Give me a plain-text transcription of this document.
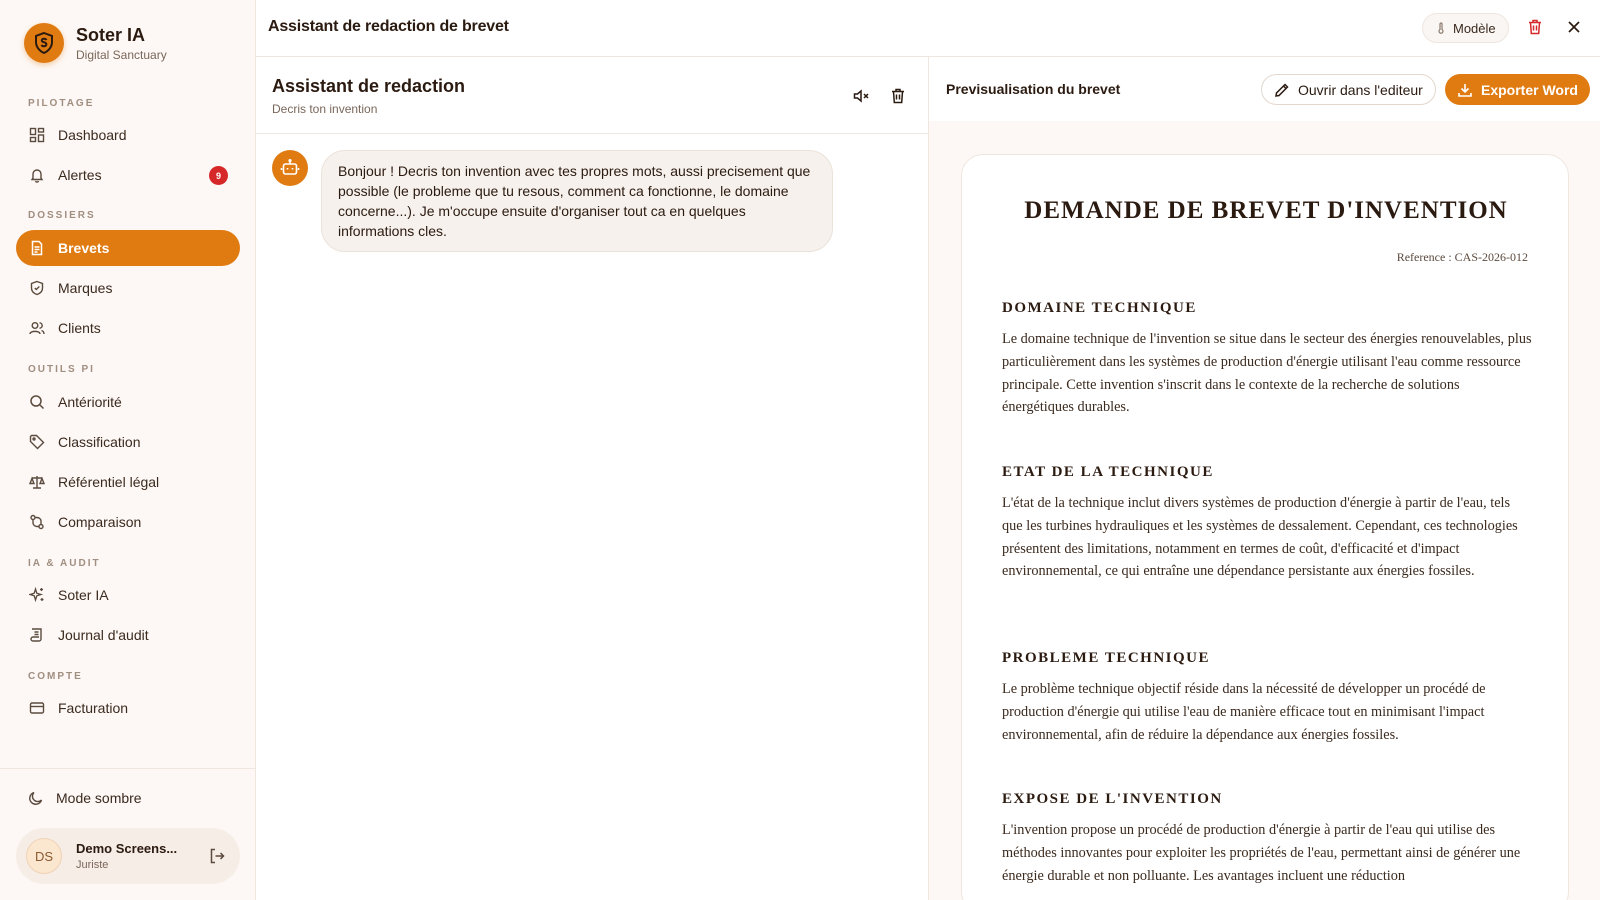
Soter IA
Digital Sanctuary
PILOTAGE
Dashboard
Alertes	9
DOSSIERS
Brevets
Marques
Clients
OUTILS PI
Antériorité
Classification
Référentiel légal
Comparaison
IA & AUDIT
Soter IA
Journal d'audit
COMPTE
Facturation
Mode sombre
DS	Demo Screens...
Juriste
Assistant de redaction de brevet	Modèle
Assistant de redaction
Decris ton invention
Bonjour ! Decris ton invention avec tes propres mots, aussi precisement que possible (le probleme que tu resous, comment ca fonctionne, le domaine concerne...). Je m'occupe ensuite d'organiser tout ca en quelques informations cles.
Previsualisation du brevet	Ouvrir dans l'editeur	Exporter Word
DEMANDE DE BREVET D'INVENTION
Reference : CAS-2026-012
DOMAINE TECHNIQUE

Le domaine technique de l'invention se situe dans le secteur des énergies renouvelables, plus particulièrement dans les systèmes de production d'énergie utilisant l'eau comme ressource principale. Cette invention s'inscrit dans le contexte de la recherche de solutions énergétiques durables.

ETAT DE LA TECHNIQUE

L'état de la technique inclut divers systèmes de production d'énergie à partir de l'eau, tels que les turbines hydrauliques et les systèmes de dessalement. Cependant, ces technologies présentent des limitations, notamment en termes de coût, d'efficacité et d'impact environnemental, ce qui entraîne une dépendance persistante aux énergies fossiles.

PROBLEME TECHNIQUE

Le problème technique objectif réside dans la nécessité de développer un procédé de production d'énergie qui utilise l'eau de manière efficace tout en minimisant l'impact environnemental, afin de réduire la dépendance aux énergies fossiles.

EXPOSE DE L'INVENTION

L'invention propose un procédé de production d'énergie à partir de l'eau qui utilise des méthodes innovantes pour exploiter les propriétés de l'eau, permettant ainsi de générer une énergie durable et non polluante. Les avantages incluent une réduction
